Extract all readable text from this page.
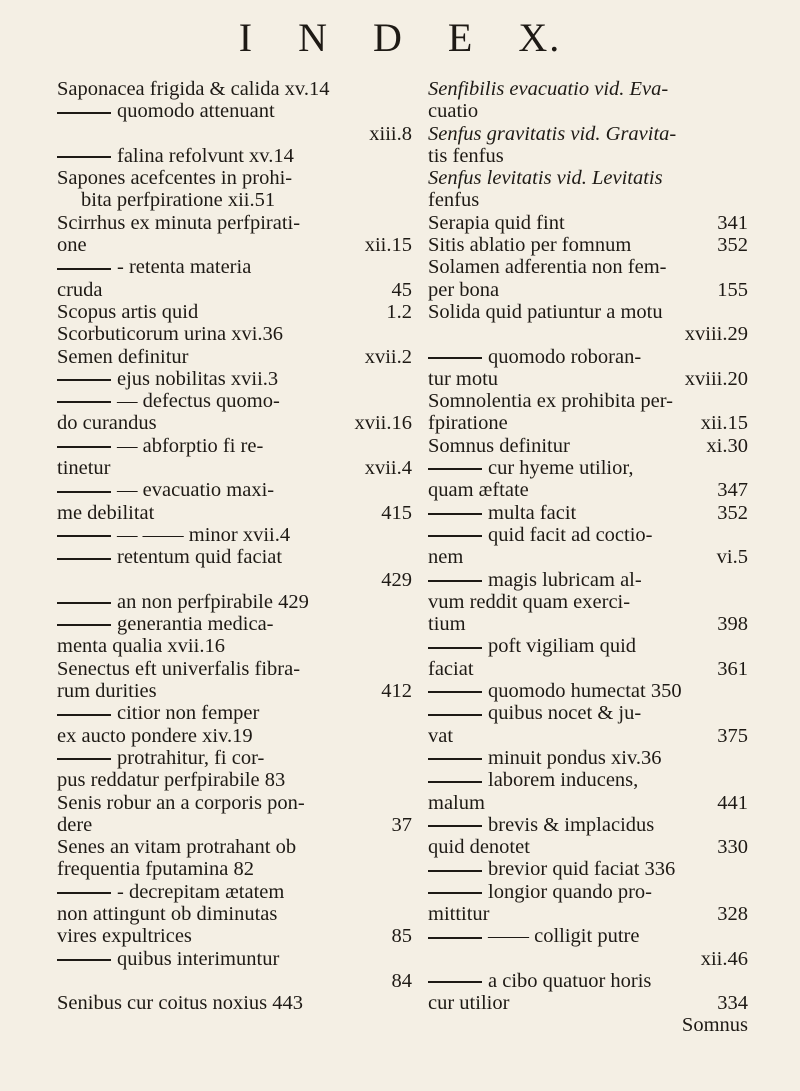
I N D E X.
Saponacea frigida & calida xv.14
quomodo attenuant
xiii.8
falina refolvunt xv.14
Sapones acefcentes in prohi-
bita perfpiratione xii.51
Scirrhus ex minuta perfpirati-
one	xii.15
- retenta materia
cruda	45
Scopus artis quid	1.2
Scorbuticorum urina xvi.36
Semen definitur	xvii.2
ejus nobilitas xvii.3
— defectus quomo-
do curandus	xvii.16
— abforptio fi re-
tinetur	xvii.4
— evacuatio maxi-
me debilitat	415
— —— minor xvii.4
retentum quid faciat
429
an non perfpirabile 429
generantia medica-
menta qualia xvii.16
Senectus eft univerfalis fibra-
rum durities	412
citior non femper
ex aucto pondere xiv.19
protrahitur, fi cor-
pus reddatur perfpirabile 83
Senis robur an a corporis pon-
dere	37
Senes an vitam protrahant ob
frequentia fputamina 82
- decrepitam ætatem
non attingunt ob diminutas
vires expultrices	85
quibus interimuntur
84
Senibus cur coitus noxius 443
Senfibilis evacuatio vid. Eva-
cuatio
Senfus gravitatis vid. Gravita-
tis fenfus
Senfus levitatis vid. Levitatis
fenfus
Serapia quid fint	341
Sitis ablatio per fomnum	352
Solamen adferentia non fem-
per bona	155
Solida quid patiuntur a motu
xviii.29
quomodo roboran-
tur motu	xviii.20
Somnolentia ex prohibita per-
fpiratione	xii.15
Somnus definitur	xi.30
cur hyeme utilior,
quam æftate	347
multa facit	352
quid facit ad coctio-
nem	vi.5
magis lubricam al-
vum reddit quam exerci-
tium	398
poft vigiliam quid
faciat	361
quomodo humectat 350
quibus nocet & ju-
vat	375
minuit pondus xiv.36
laborem inducens,
malum	441
brevis & implacidus
quid denotet	330
brevior quid faciat 336
longior quando pro-
mittitur	328
—— colligit putre
xii.46
a cibo quatuor horis
cur utilior	334
Somnus
